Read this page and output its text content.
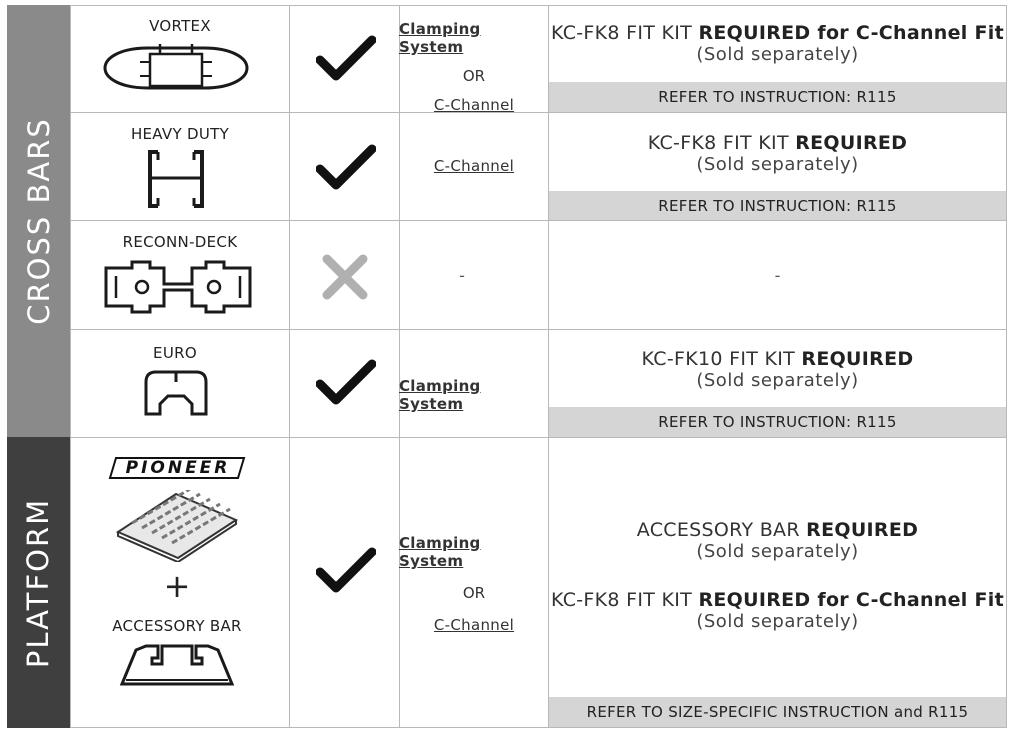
CROSS BARS
PLATFORM
VORTEX	Clamping System
OR
C-Channel
KC-FK8 FIT KIT REQUIRED for C-Channel Fit
(Sold separately)
REFER TO INSTRUCTION: R115
HEAVY DUTY
C-Channel
KC-FK8 FIT KIT REQUIRED
(Sold separately)
REFER TO INSTRUCTION: R115
RECONN-DECK
-	-
EURO
Clamping System
KC-FK10 FIT KIT REQUIRED
(Sold separately)
REFER TO INSTRUCTION: R115
PIONEER
+
ACCESSORY BAR
Clamping System
OR
C-Channel
ACCESSORY BAR REQUIRED
(Sold separately)
KC-FK8 FIT KIT REQUIRED for C-Channel Fit
(Sold separately)
REFER TO SIZE-SPECIFIC INSTRUCTION and R115
